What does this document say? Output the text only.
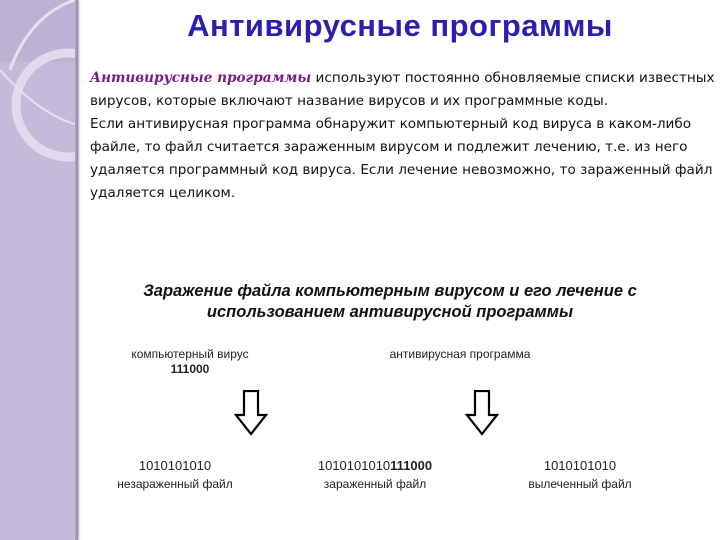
Антивирусные программы

Антивирусные программы используют постоянно обновляемые списки известных вирусов, которые включают название вирусов и их программные коды.

Если антивирусная программа обнаружит компьютерный код вируса в каком-либо файле, то файл считается зараженным вирусом и подлежит лечению, т.е. из него удаляется программный код вируса. Если лечение невозможно, то зараженный файл удаляется целиком.

Заражение файла компьютерным вирусом и его лечение с использованием антивирусной программы
компьютерный вирус
111000
антивирусная программа
1010101010
незараженный файл
1010101010111000
зараженный файл
1010101010
вылеченный файл
